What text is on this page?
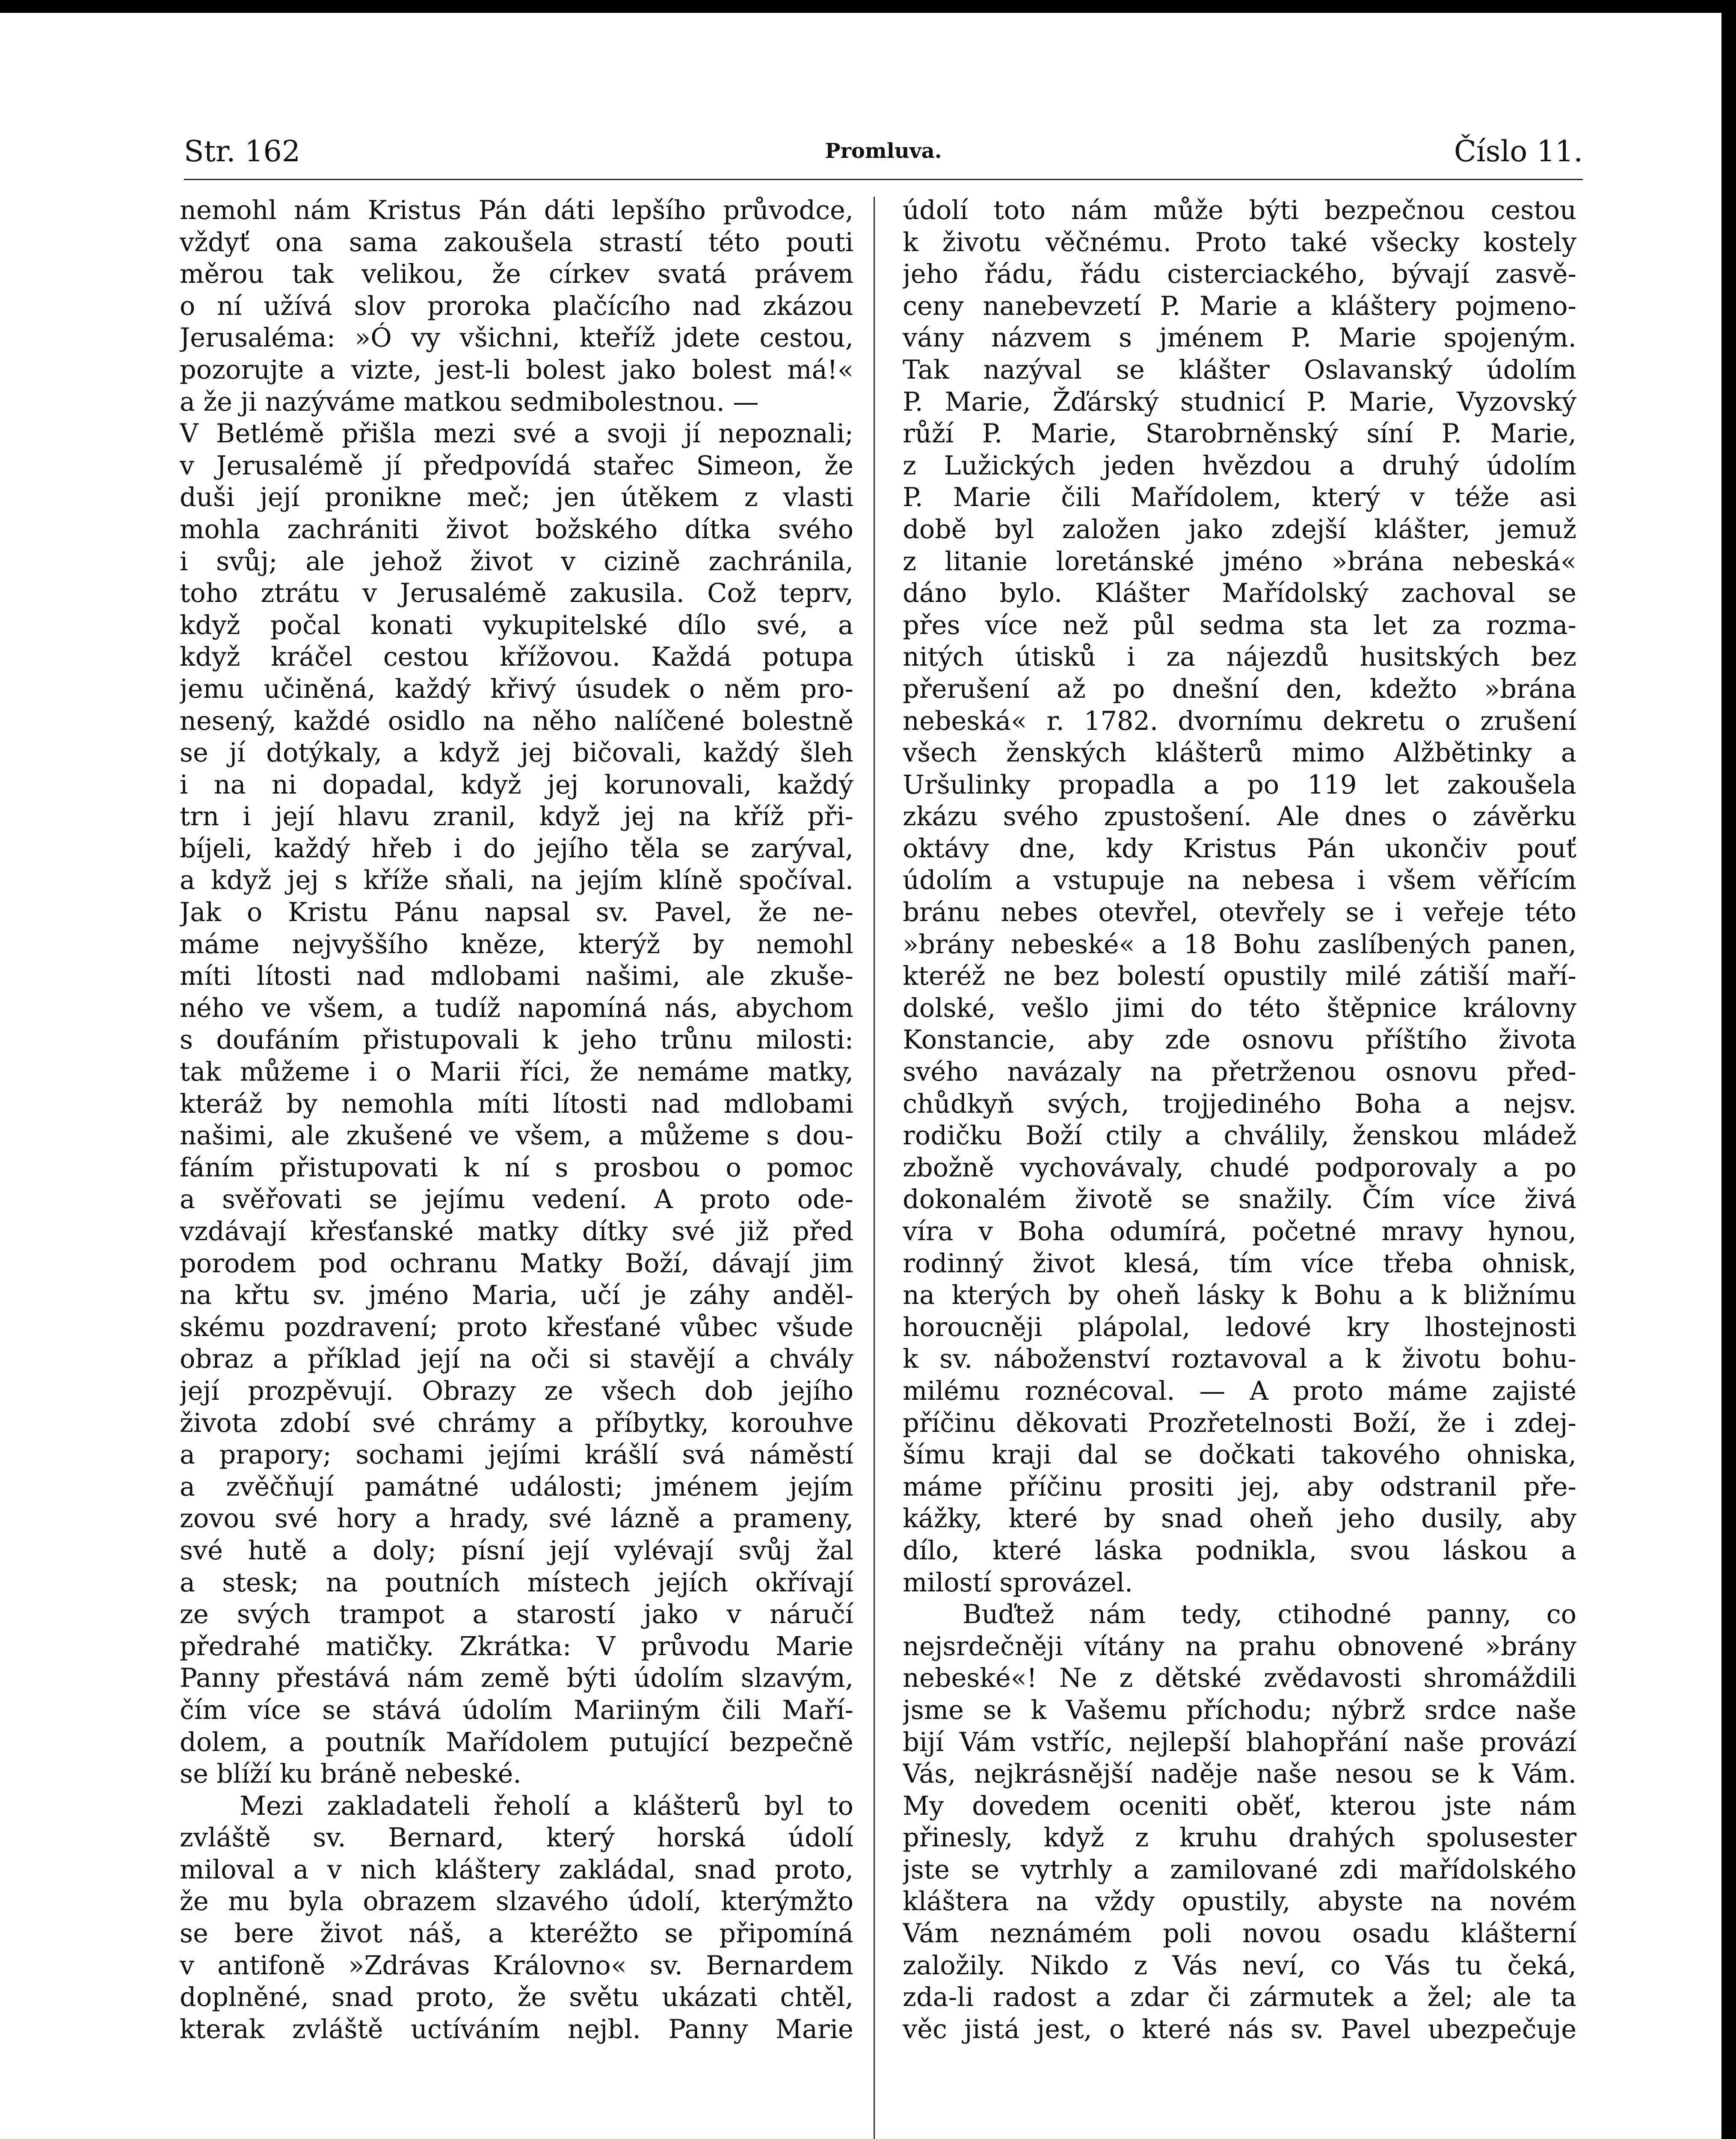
Str. 162	Promluva.	Číslo 11.
nemohl nám Kristus Pán dáti lepšího průvodce,
vždyť ona sama zakoušela strastí této pouti
měrou tak velikou, že církev svatá právem
o ní užívá slov proroka plačícího nad zkázou
Jerusaléma: »Ó vy všichni, kteříž jdete cestou,
pozorujte a vizte, jest-li bolest jako bolest má!«
a že ji nazýváme matkou sedmibolestnou. —
V Betlémě přišla mezi své a svoji jí nepoznali;
v Jerusalémě jí předpovídá stařec Simeon, že
duši její pronikne meč; jen útěkem z vlasti
mohla zachrániti život božského dítka svého
i svůj; ale jehož život v cizině zachránila,
toho ztrátu v Jerusalémě zakusila. Což teprv,
když počal konati vykupitelské dílo své, a
když kráčel cestou křížovou. Každá potupa
jemu učiněná, každý křivý úsudek o něm pro-
nesený, každé osidlo na něho nalíčené bolestně
se jí dotýkaly, a když jej bičovali, každý šleh
i na ni dopadal, když jej korunovali, každý
trn i její hlavu zranil, když jej na kříž při-
bíjeli, každý hřeb i do jejího těla se zarýval,
a když jej s kříže sňali, na jejím klíně spočíval.
Jak o Kristu Pánu napsal sv. Pavel, že ne-
máme nejvyššího kněze, kterýž by nemohl
míti lítosti nad mdlobami našimi, ale zkuše-
ného ve všem, a tudíž napomíná nás, abychom
s doufáním přistupovali k jeho trůnu milosti:
tak můžeme i o Marii říci, že nemáme matky,
kteráž by nemohla míti lítosti nad mdlobami
našimi, ale zkušené ve všem, a můžeme s dou-
fáním přistupovati k ní s prosbou o pomoc
a svěřovati se jejímu vedení. A proto ode-
vzdávají křesťanské matky dítky své již před
porodem pod ochranu Matky Boží, dávají jim
na křtu sv. jméno Maria, učí je záhy anděl-
skému pozdravení; proto křesťané vůbec všude
obraz a příklad její na oči si stavějí a chvály
její prozpěvují. Obrazy ze všech dob jejího
života zdobí své chrámy a příbytky, korouhve
a prapory; sochami jejími krášlí svá náměstí
a zvěčňují památné události; jménem jejím
zovou své hory a hrady, své lázně a prameny,
své hutě a doly; písní její vylévají svůj žal
a stesk; na poutních místech jejích okřívají
ze svých trampot a starostí jako v náručí
předrahé matičky. Zkrátka: V průvodu Marie
Panny přestává nám země býti údolím slzavým,
čím více se stává údolím Mariiným čili Maří-
dolem, a poutník Mařídolem putující bezpečně
se blíží ku bráně nebeské.
Mezi zakladateli řeholí a klášterů byl to
zvláště sv. Bernard, který horská údolí
miloval a v nich kláštery zakládal, snad proto,
že mu byla obrazem slzavého údolí, kterýmžto
se bere život náš, a kteréžto se připomíná
v antifoně »Zdrávas Královno« sv. Bernardem
doplněné, snad proto, že světu ukázati chtěl,
kterak zvláště uctíváním nejbl. Panny Marie
údolí toto nám může býti bezpečnou cestou
k životu věčnému. Proto také všecky kostely
jeho řádu, řádu cisterciackého, bývají zasvě-
ceny nanebevzetí P. Marie a kláštery pojmeno-
vány názvem s jménem P. Marie spojeným.
Tak nazýval se klášter Oslavanský údolím
P. Marie, Žďárský studnicí P. Marie, Vyzovský
růží P. Marie, Starobrněnský síní P. Marie,
z Lužických jeden hvězdou a druhý údolím
P. Marie čili Mařídolem, který v téže asi
době byl založen jako zdejší klášter, jemuž
z litanie loretánské jméno »brána nebeská«
dáno bylo. Klášter Mařídolský zachoval se
přes více než půl sedma sta let za rozma-
nitých útisků i za nájezdů husitských bez
přerušení až po dnešní den, kdežto »brána
nebeská« r. 1782. dvornímu dekretu o zrušení
všech ženských klášterů mimo Alžbětinky a
Uršulinky propadla a po 119 let zakoušela
zkázu svého zpustošení. Ale dnes o závěrku
oktávy dne, kdy Kristus Pán ukončiv pouť
údolím a vstupuje na nebesa i všem věřícím
bránu nebes otevřel, otevřely se i veřeje této
»brány nebeské« a 18 Bohu zaslíbených panen,
kteréž ne bez bolestí opustily milé zátiší maří-
dolské, vešlo jimi do této štěpnice královny
Konstancie, aby zde osnovu příštího života
svého navázaly na přetrženou osnovu před-
chůdkyň svých, trojjediného Boha a nejsv.
rodičku Boží ctily a chválily, ženskou mládež
zbožně vychovávaly, chudé podporovaly a po
dokonalém životě se snažily. Čím více živá
víra v Boha odumírá, početné mravy hynou,
rodinný život klesá, tím více třeba ohnisk,
na kterých by oheň lásky k Bohu a k bližnímu
horoucněji plápolal, ledové kry lhostejnosti
k sv. náboženství roztavoval a k životu bohu-
milému roznécoval. — A proto máme zajisté
příčinu děkovati Prozřetelnosti Boží, že i zdej-
šímu kraji dal se dočkati takového ohniska,
máme příčinu prositi jej, aby odstranil pře-
kážky, které by snad oheň jeho dusily, aby
dílo, které láska podnikla, svou láskou a
milostí sprovázel.
Buďtež nám tedy, ctihodné panny, co
nejsrdečněji vítány na prahu obnovené »brány
nebeské«! Ne z dětské zvědavosti shromáždili
jsme se k Vašemu příchodu; nýbrž srdce naše
bijí Vám vstříc, nejlepší blahopřání naše provází
Vás, nejkrásnější naděje naše nesou se k Vám.
My dovedem oceniti oběť, kterou jste nám
přinesly, když z kruhu drahých spolusester
jste se vytrhly a zamilované zdi mařídolského
kláštera na vždy opustily, abyste na novém
Vám neznámém poli novou osadu klášterní
založily. Nikdo z Vás neví, co Vás tu čeká,
zda-li radost a zdar či zármutek a žel; ale ta
věc jistá jest, o které nás sv. Pavel ubezpečuje
